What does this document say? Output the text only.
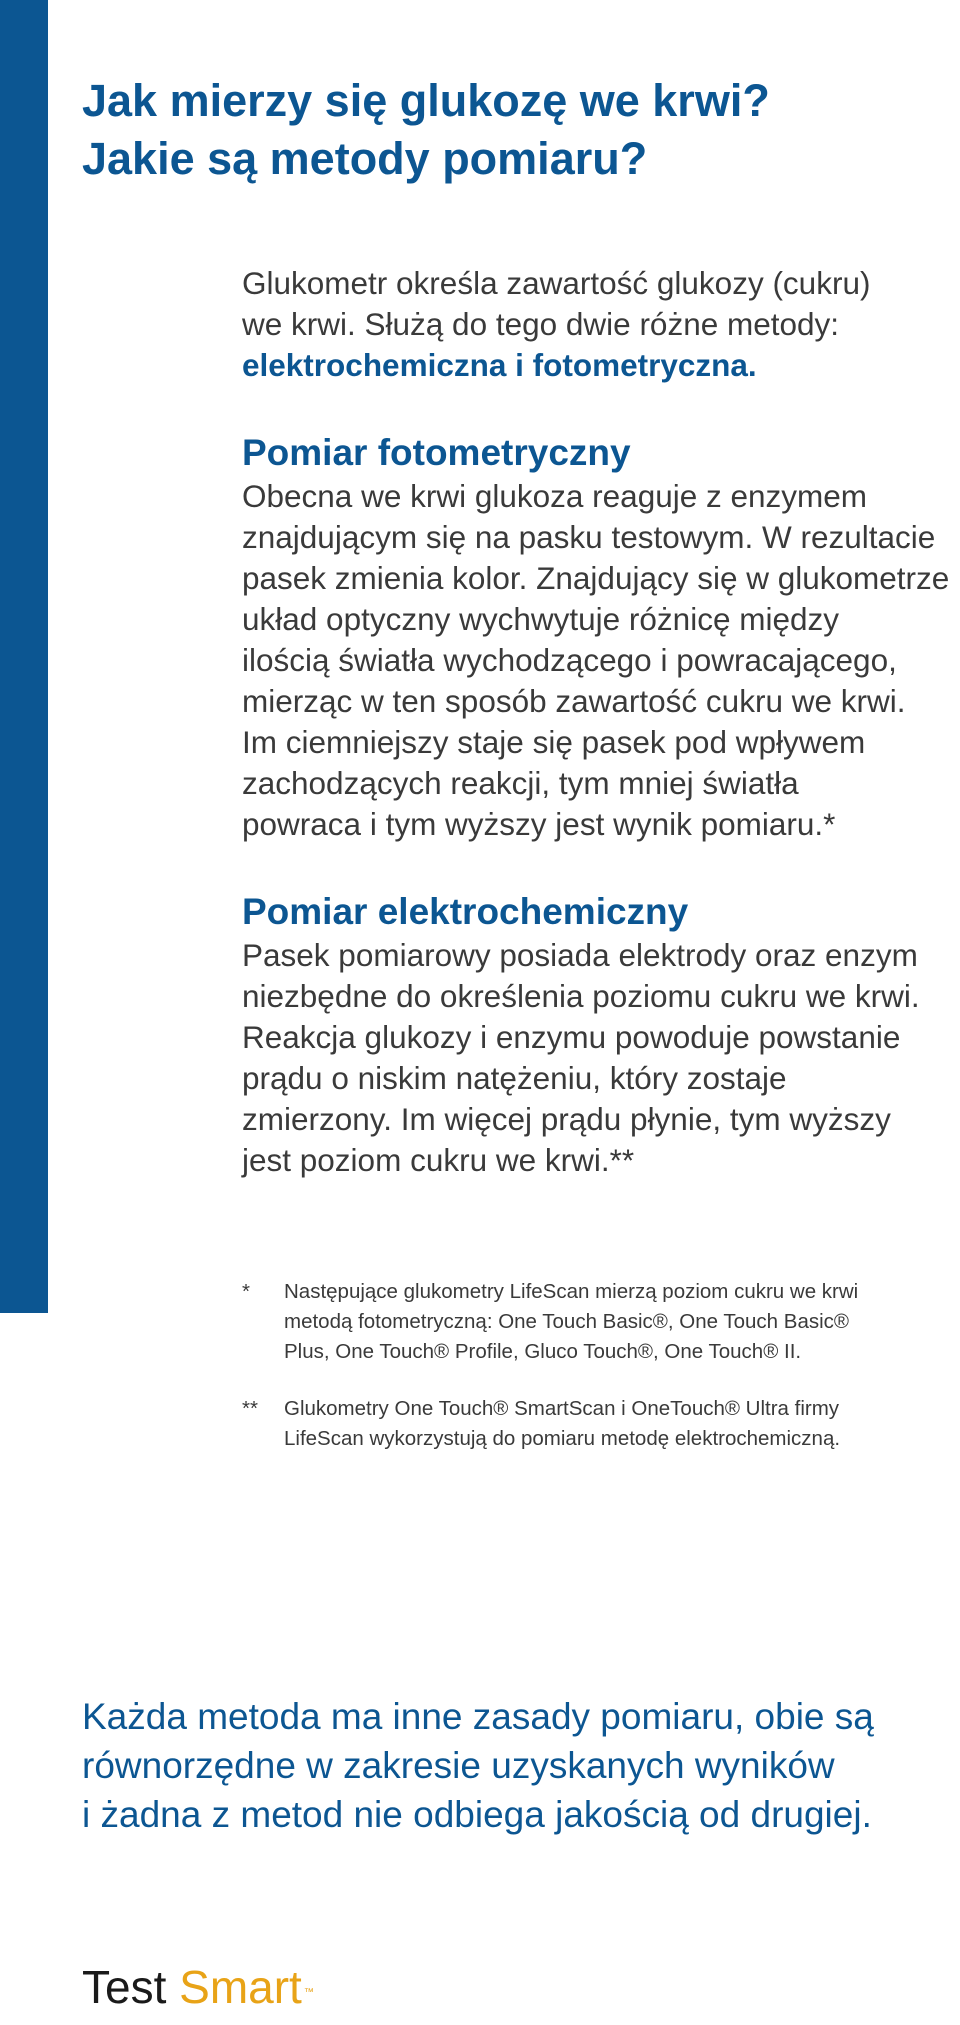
Jak mierzy się glukozę we krwi?
Jakie są metody pomiaru?
Glukometr określa zawartość glukozy (cukru)
we krwi. Służą do tego dwie różne metody:
elektrochemiczna i fotometryczna.
Pomiar fotometryczny
Obecna we krwi glukoza reaguje z enzymem
znajdującym się na pasku testowym. W rezultacie
pasek zmienia kolor. Znajdujący się w glukometrze
układ optyczny wychwytuje różnicę między
ilością światła wychodzącego i powracającego,
mierząc w ten sposób zawartość cukru we krwi.
Im ciemniejszy staje się pasek pod wpływem
zachodzących reakcji, tym mniej światła
powraca i tym wyższy jest wynik pomiaru.*
Pomiar elektrochemiczny
Pasek pomiarowy posiada elektrody oraz enzym
niezbędne do określenia poziomu cukru we krwi.
Reakcja glukozy i enzymu powoduje powstanie
prądu o niskim natężeniu, który zostaje
zmierzony. Im więcej prądu płynie, tym wyższy
jest poziom cukru we krwi.**
*	Następujące glukometry LifeScan mierzą poziom cukru we krwi
metodą fotometryczną: One Touch Basic®, One Touch Basic®
Plus, One Touch® Profile, Gluco Touch®, One Touch® II.
**	Glukometry One Touch® SmartScan i OneTouch® Ultra firmy
LifeScan wykorzystują do pomiaru metodę elektrochemiczną.
Każda metoda ma inne zasady pomiaru, obie są
równorzędne w zakresie uzyskanych wyników
i żadna z metod nie odbiega jakością od drugiej.
Test Smart ™
